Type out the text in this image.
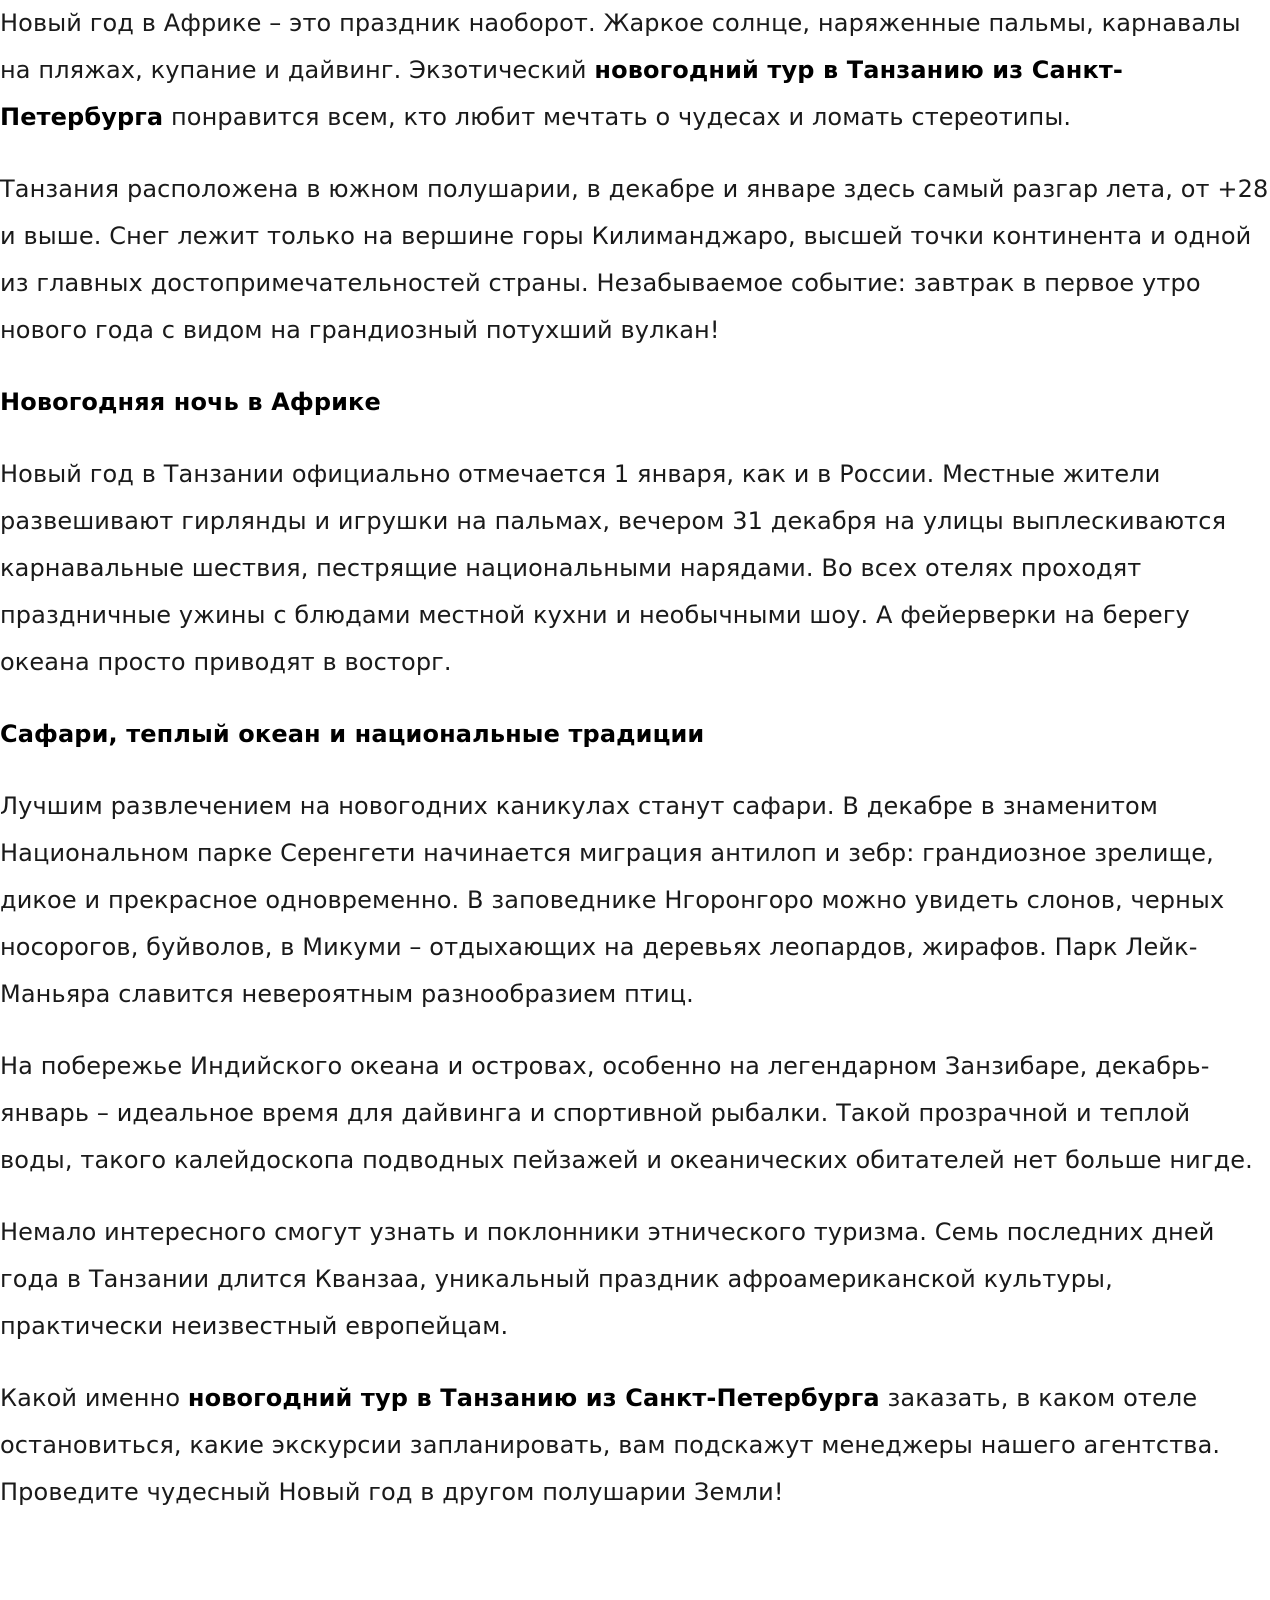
Новый год в Африке – это праздник наоборот. Жаркое солнце, наряженные пальмы, карнавалы на пляжах, купание и дайвинг. Экзотический новогодний тур в Танзанию из Санкт-Петербурга понравится всем, кто любит мечтать о чудесах и ломать стереотипы.

Танзания расположена в южном полушарии, в декабре и январе здесь самый разгар лета, от +28 и выше. Снег лежит только на вершине горы Килиманджаро, высшей точки континента и одной из главных достопримечательностей страны. Незабываемое событие: завтрак в первое утро нового года с видом на грандиозный потухший вулкан!

Новогодняя ночь в Африке

Новый год в Танзании официально отмечается 1 января, как и в России. Местные жители развешивают гирлянды и игрушки на пальмах, вечером 31 декабря на улицы выплескиваются карнавальные шествия, пестрящие национальными нарядами. Во всех отелях проходят праздничные ужины с блюдами местной кухни и необычными шоу. А фейерверки на берегу океана просто приводят в восторг.

Сафари, теплый океан и национальные традиции

Лучшим развлечением на новогодних каникулах станут сафари. В декабре в знаменитом Национальном парке Серенгети начинается миграция антилоп и зебр: грандиозное зрелище, дикое и прекрасное одновременно. В заповеднике Нгоронгоро можно увидеть слонов, черных носорогов, буйволов, в Микуми – отдыхающих на деревьях леопардов, жирафов. Парк Лейк-Маньяра славится невероятным разнообразием птиц.

На побережье Индийского океана и островах, особенно на легендарном Занзибаре, декабрь-январь – идеальное время для дайвинга и спортивной рыбалки. Такой прозрачной и теплой воды, такого калейдоскопа подводных пейзажей и океанических обитателей нет больше нигде.

Немало интересного смогут узнать и поклонники этнического туризма. Семь последних дней года в Танзании длится Кванзаа, уникальный праздник афроамериканской культуры, практически неизвестный европейцам.

Какой именно новогодний тур в Танзанию из Санкт-Петербурга заказать, в каком отеле остановиться, какие экскурсии запланировать, вам подскажут менеджеры нашего агентства. Проведите чудесный Новый год в другом полушарии Земли!
